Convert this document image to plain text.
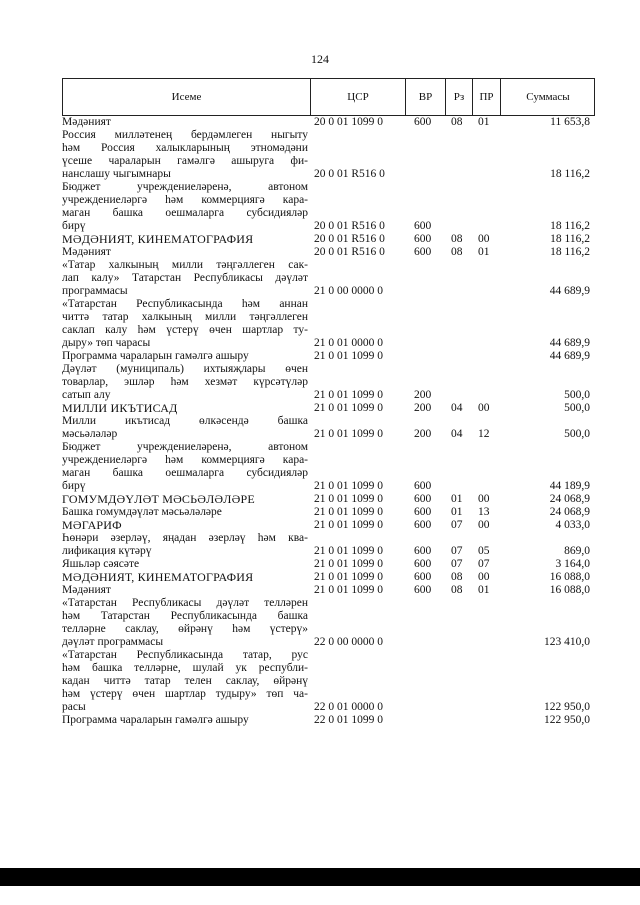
124
Исеме	ЦСР	ВР	Рз	ПР	Суммасы
Мәдәният	20 0 01 1099 0	600 08 01	11 653,8
Россия милләтенең бердәмлеген ныгыту
һәм Россия халыкларының этномәдәни
үсеше чараларын гамәлгә ашыруга фи-
нанслашу чыгымнары	20 0 01 R516 0	18 116,2
Бюджет учреждениеләренә, автоном
учреждениеләргә һәм коммерциягә кара-
маган башка оешмаларга субсидияләр
бирү	20 0 01 R516 0	600	18 116,2
МӘДӘНИЯТ, КИНЕМАТОГРАФИЯ	20 0 01 R516 0	600 08 00	18 116,2
Мәдәният	20 0 01 R516 0	600 08 01	18 116,2
«Татар халкының милли тәңгәллеген сак-
лап калу» Татарстан Республикасы дәүләт
программасы	21 0 00 0000 0	44 689,9
«Татарстан Республикасында һәм аннан
читтә татар халкының милли тәңгәллеген
саклап калу һәм үстерү өчен шартлар ту-
дыру» төп чарасы	21 0 01 0000 0	44 689,9
Программа чараларын гамәлгә ашыру	21 0 01 1099 0	44 689,9
Дәүләт (муниципаль) ихтыяҗлары өчен
товарлар, эшләр һәм хезмәт күрсәтүләр
сатып алу	21 0 01 1099 0	200	500,0
МИЛЛИ ИКЪТИСАД	21 0 01 1099 0	200 04 00	500,0
Милли икътисад өлкәсендә башка
мәсьәләләр	21 0 01 1099 0	200 04 12	500,0
Бюджет учреждениеләренә, автоном
учреждениеләргә һәм коммерциягә кара-
маган башка оешмаларга субсидияләр
бирү	21 0 01 1099 0	600	44 189,9
ГОМУМДӘҮЛӘТ МӘСЬӘЛӘЛӘРЕ	21 0 01 1099 0	600 01 00	24 068,9
Башка гомумдәүләт мәсьәләләре	21 0 01 1099 0	600 01 13	24 068,9
МӘГАРИФ	21 0 01 1099 0	600 07 00	4 033,0
Һөнәри әзерләү, яңадан әзерләү һәм ква-
лификация күтәрү	21 0 01 1099 0	600 07 05	869,0
Яшьләр сәясәте	21 0 01 1099 0	600 07 07	3 164,0
МӘДӘНИЯТ, КИНЕМАТОГРАФИЯ	21 0 01 1099 0	600 08 00	16 088,0
Мәдәният	21 0 01 1099 0	600 08 01	16 088,0
«Татарстан Республикасы дәүләт телләрен
һәм Татарстан Республикасында башка
телләрне саклау, өйрәнү һәм үстерү»
дәүләт программасы	22 0 00 0000 0	123 410,0
«Татарстан Республикасында татар, рус
һәм башка телләрне, шулай ук республи-
кадан читтә татар телен саклау, өйрәнү
һәм үстерү өчен шартлар тудыру» төп ча-
расы	22 0 01 0000 0	122 950,0
Программа чараларын гамәлгә ашыру	22 0 01 1099 0	122 950,0
